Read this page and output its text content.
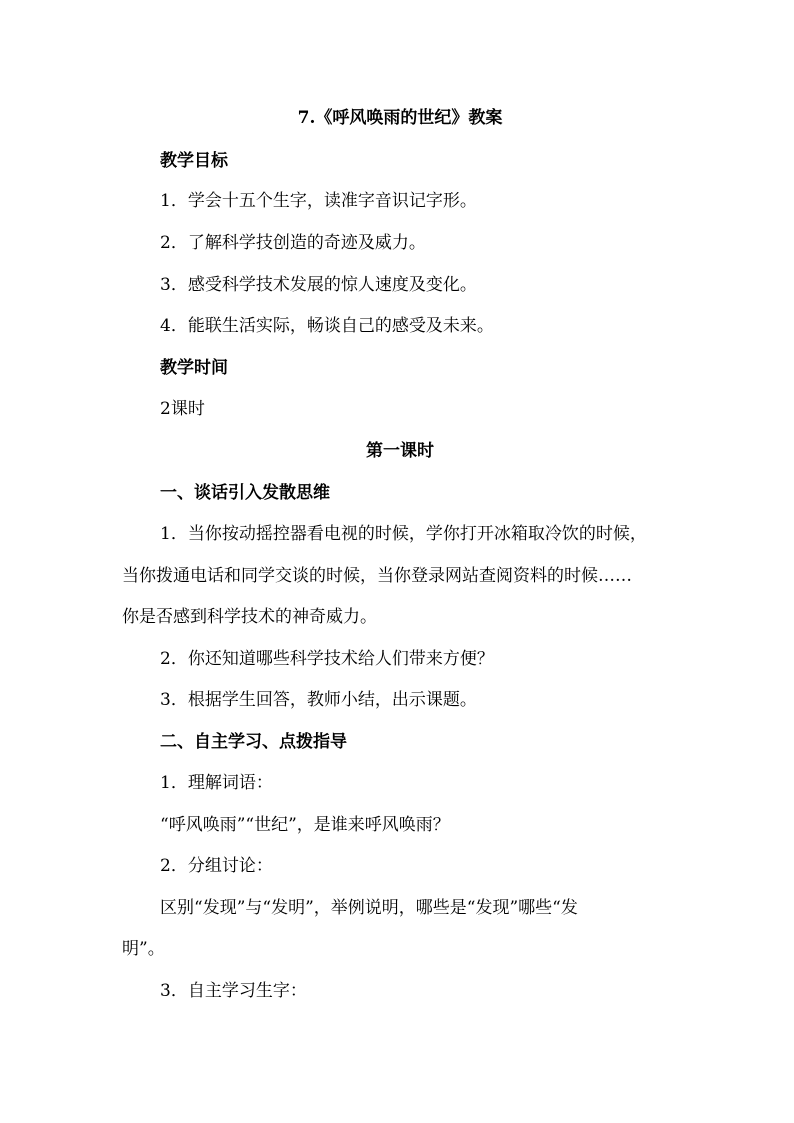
7.《呼风唤雨的世纪》教案
教学目标
1．学会十五个生字，读准字音识记字形。
2．了解科学技创造的奇迹及威力。
3．感受科学技术发展的惊人速度及变化。
4．能联生活实际，畅谈自己的感受及未来。
教学时间
2课时
第一课时
一、谈话引入发散思维
1．当你按动摇控器看电视的时候，学你打开冰箱取冷饮的时候，
当你拨通电话和同学交谈的时候，当你登录网站查阅资料的时候……
你是否感到科学技术的神奇威力。
2．你还知道哪些科学技术给人们带来方便？
3．根据学生回答，教师小结，出示课题。
二、自主学习、点拨指导
1．理解词语：
“呼风唤雨”“世纪”，是谁来呼风唤雨？
2．分组讨论：
区别“发现”与“发明”，举例说明，哪些是“发现”哪些“发
明”。
3．自主学习生字：
